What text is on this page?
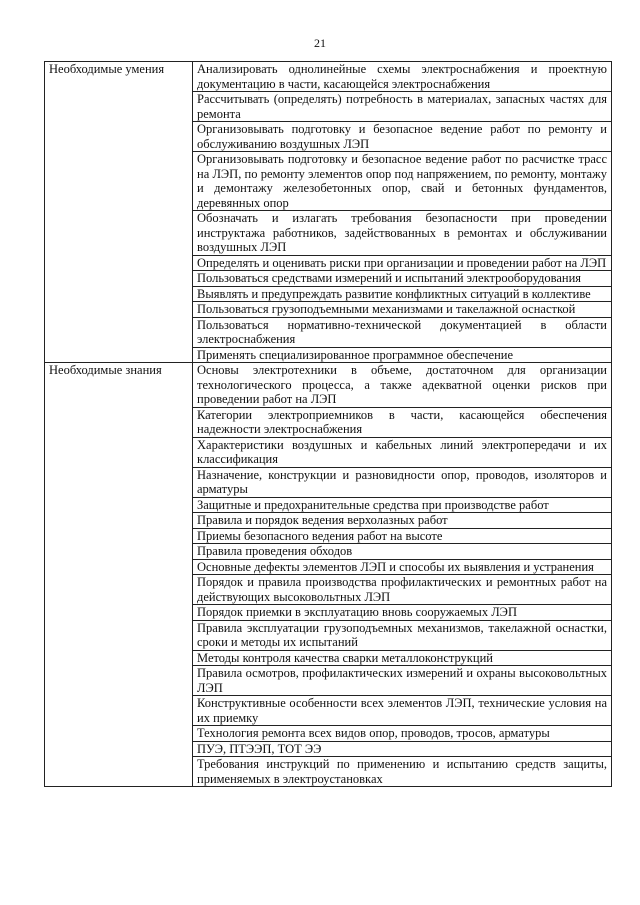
21
Необходимые умения	Анализировать однолинейные схемы электроснабжения и проектную документацию в части, касающейся электроснабжения
	Рассчитывать (определять) потребность в материалах, запасных частях для ремонта
	Организовывать подготовку и безопасное ведение работ по ремонту и обслуживанию воздушных ЛЭП
	Организовывать подготовку и безопасное ведение работ по расчистке трасс на ЛЭП, по ремонту элементов опор под напряжением, по ремонту, монтажу и демонтажу железобетонных опор, свай и бетонных фундаментов, деревянных опор
	Обозначать и излагать требования безопасности при проведении инструктажа работников, задействованных в ремонтах и обслуживании воздушных ЛЭП
	Определять и оценивать риски при организации и проведении работ на ЛЭП
	Пользоваться средствами измерений и испытаний электрооборудования
	Выявлять и предупреждать развитие конфликтных ситуаций в коллективе
	Пользоваться грузоподъемными механизмами и такелажной оснасткой
	Пользоваться нормативно-технической документацией в области электроснабжения
	Применять специализированное программное обеспечение
Необходимые знания	Основы электротехники в объеме, достаточном для организации технологического процесса, а также адекватной оценки рисков при проведении работ на ЛЭП
	Категории электроприемников в части, касающейся обеспечения надежности электроснабжения
	Характеристики воздушных и кабельных линий электропередачи и их классификация
	Назначение, конструкции и разновидности опор, проводов, изоляторов и арматуры
	Защитные и предохранительные средства при производстве работ
	Правила и порядок ведения верхолазных работ
	Приемы безопасного ведения работ на высоте
	Правила проведения обходов
	Основные дефекты элементов ЛЭП и способы их выявления и устранения
	Порядок и правила производства профилактических и ремонтных работ на действующих высоковольтных ЛЭП
	Порядок приемки в эксплуатацию вновь сооружаемых ЛЭП
	Правила эксплуатации грузоподъемных механизмов, такелажной оснастки, сроки и методы их испытаний
	Методы контроля качества сварки металлоконструкций
	Правила осмотров, профилактических измерений и охраны высоковольтных ЛЭП
	Конструктивные особенности всех элементов ЛЭП, технические условия на их приемку
	Технология ремонта всех видов опор, проводов, тросов, арматуры
	ПУЭ, ПТЭЭП, ТОТ ЭЭ
	Требования инструкций по применению и испытанию средств защиты, применяемых в электроустановках
